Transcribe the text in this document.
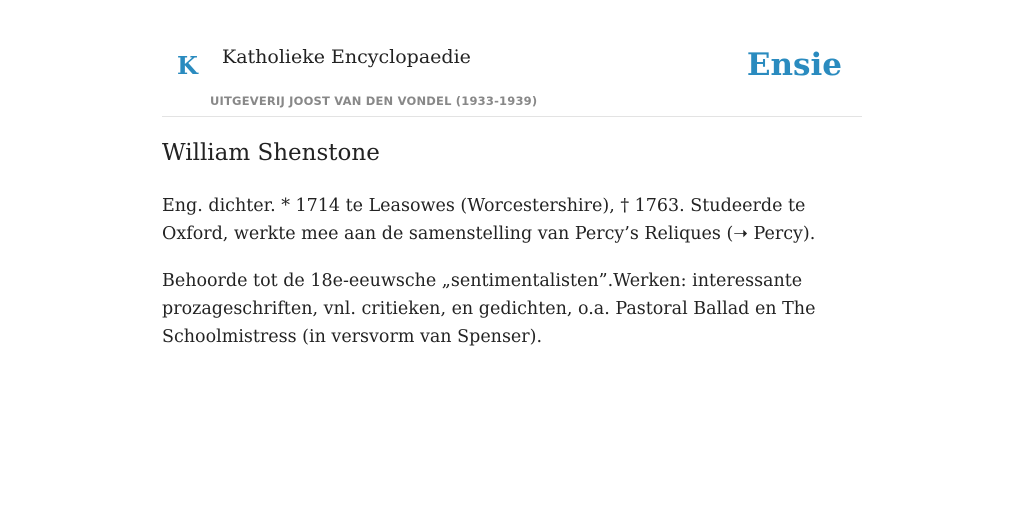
K Katholieke Encyclopaedie
UITGEVERIJ JOOST VAN DEN VONDEL (1933-1939)
Ensie
William Shenstone

Eng. dichter. * 1714 te Leasowes (Worcestershire), † 1763. Studeerde te Oxford, werkte mee aan de samenstelling van Percy’s Reliques (➝ Percy).

Behoorde tot de 18e-eeuwsche „sentimentalisten”.Werken: interessante prozageschriften, vnl. critieken, en gedichten, o.a. Pastoral Ballad en The Schoolmistress (in versvorm van Spenser).
